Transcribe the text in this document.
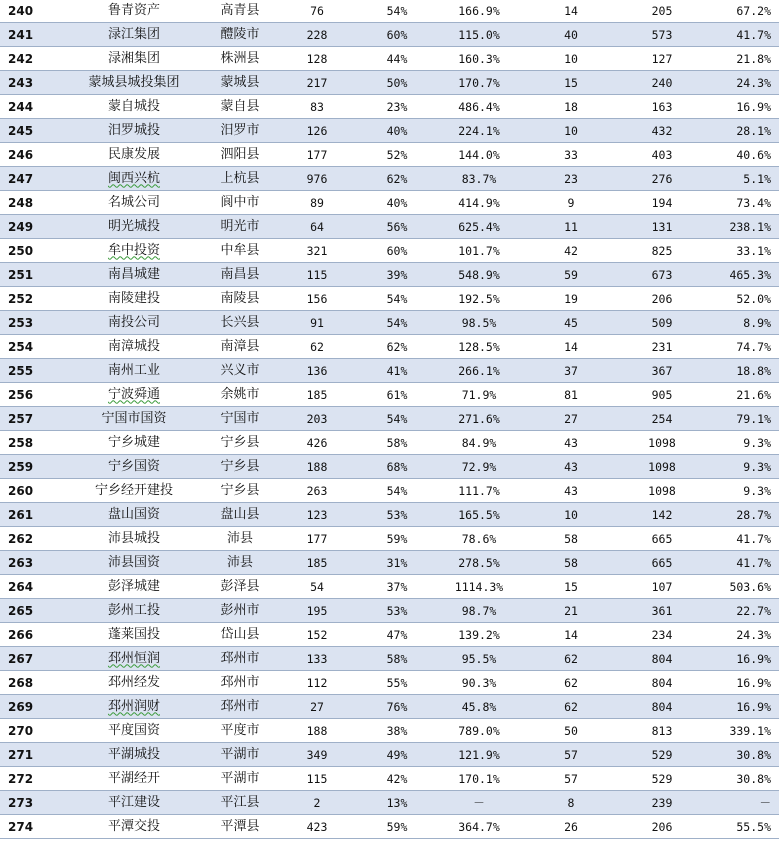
240	鲁青资产	高青县	76	54%	166.9%	14	205	67.2%
241	渌江集团	醴陵市	228	60%	115.0%	40	573	41.7%
242	渌湘集团	株洲县	128	44%	160.3%	10	127	21.8%
243	蒙城县城投集团	蒙城县	217	50%	170.7%	15	240	24.3%
244	蒙自城投	蒙自县	83	23%	486.4%	18	163	16.9%
245	汨罗城投	汨罗市	126	40%	224.1%	10	432	28.1%
246	民康发展	泗阳县	177	52%	144.0%	33	403	40.6%
247	闽西兴杭	上杭县	976	62%	83.7%	23	276	5.1%
248	名城公司	阆中市	89	40%	414.9%	9	194	73.4%
249	明光城投	明光市	64	56%	625.4%	11	131	238.1%
250	牟中投资	中牟县	321	60%	101.7%	42	825	33.1%
251	南昌城建	南昌县	115	39%	548.9%	59	673	465.3%
252	南陵建投	南陵县	156	54%	192.5%	19	206	52.0%
253	南投公司	长兴县	91	54%	98.5%	45	509	8.9%
254	南漳城投	南漳县	62	62%	128.5%	14	231	74.7%
255	南州工业	兴义市	136	41%	266.1%	37	367	18.8%
256	宁波舜通	余姚市	185	61%	71.9%	81	905	21.6%
257	宁国市国资	宁国市	203	54%	271.6%	27	254	79.1%
258	宁乡城建	宁乡县	426	58%	84.9%	43	1098	9.3%
259	宁乡国资	宁乡县	188	68%	72.9%	43	1098	9.3%
260	宁乡经开建投	宁乡县	263	54%	111.7%	43	1098	9.3%
261	盘山国资	盘山县	123	53%	165.5%	10	142	28.7%
262	沛县城投	沛县	177	59%	78.6%	58	665	41.7%
263	沛县国资	沛县	185	31%	278.5%	58	665	41.7%
264	彭泽城建	彭泽县	54	37%	1114.3%	15	107	503.6%
265	彭州工投	彭州市	195	53%	98.7%	21	361	22.7%
266	蓬莱国投	岱山县	152	47%	139.2%	14	234	24.3%
267	邳州恒润	邳州市	133	58%	95.5%	62	804	16.9%
268	邳州经发	邳州市	112	55%	90.3%	62	804	16.9%
269	邳州润财	邳州市	27	76%	45.8%	62	804	16.9%
270	平度国资	平度市	188	38%	789.0%	50	813	339.1%
271	平湖城投	平湖市	349	49%	121.9%	57	529	30.8%
272	平湖经开	平湖市	115	42%	170.1%	57	529	30.8%
273	平江建设	平江县	2	13%	－	8	239	－
274	平潭交投	平潭县	423	59%	364.7%	26	206	55.5%
